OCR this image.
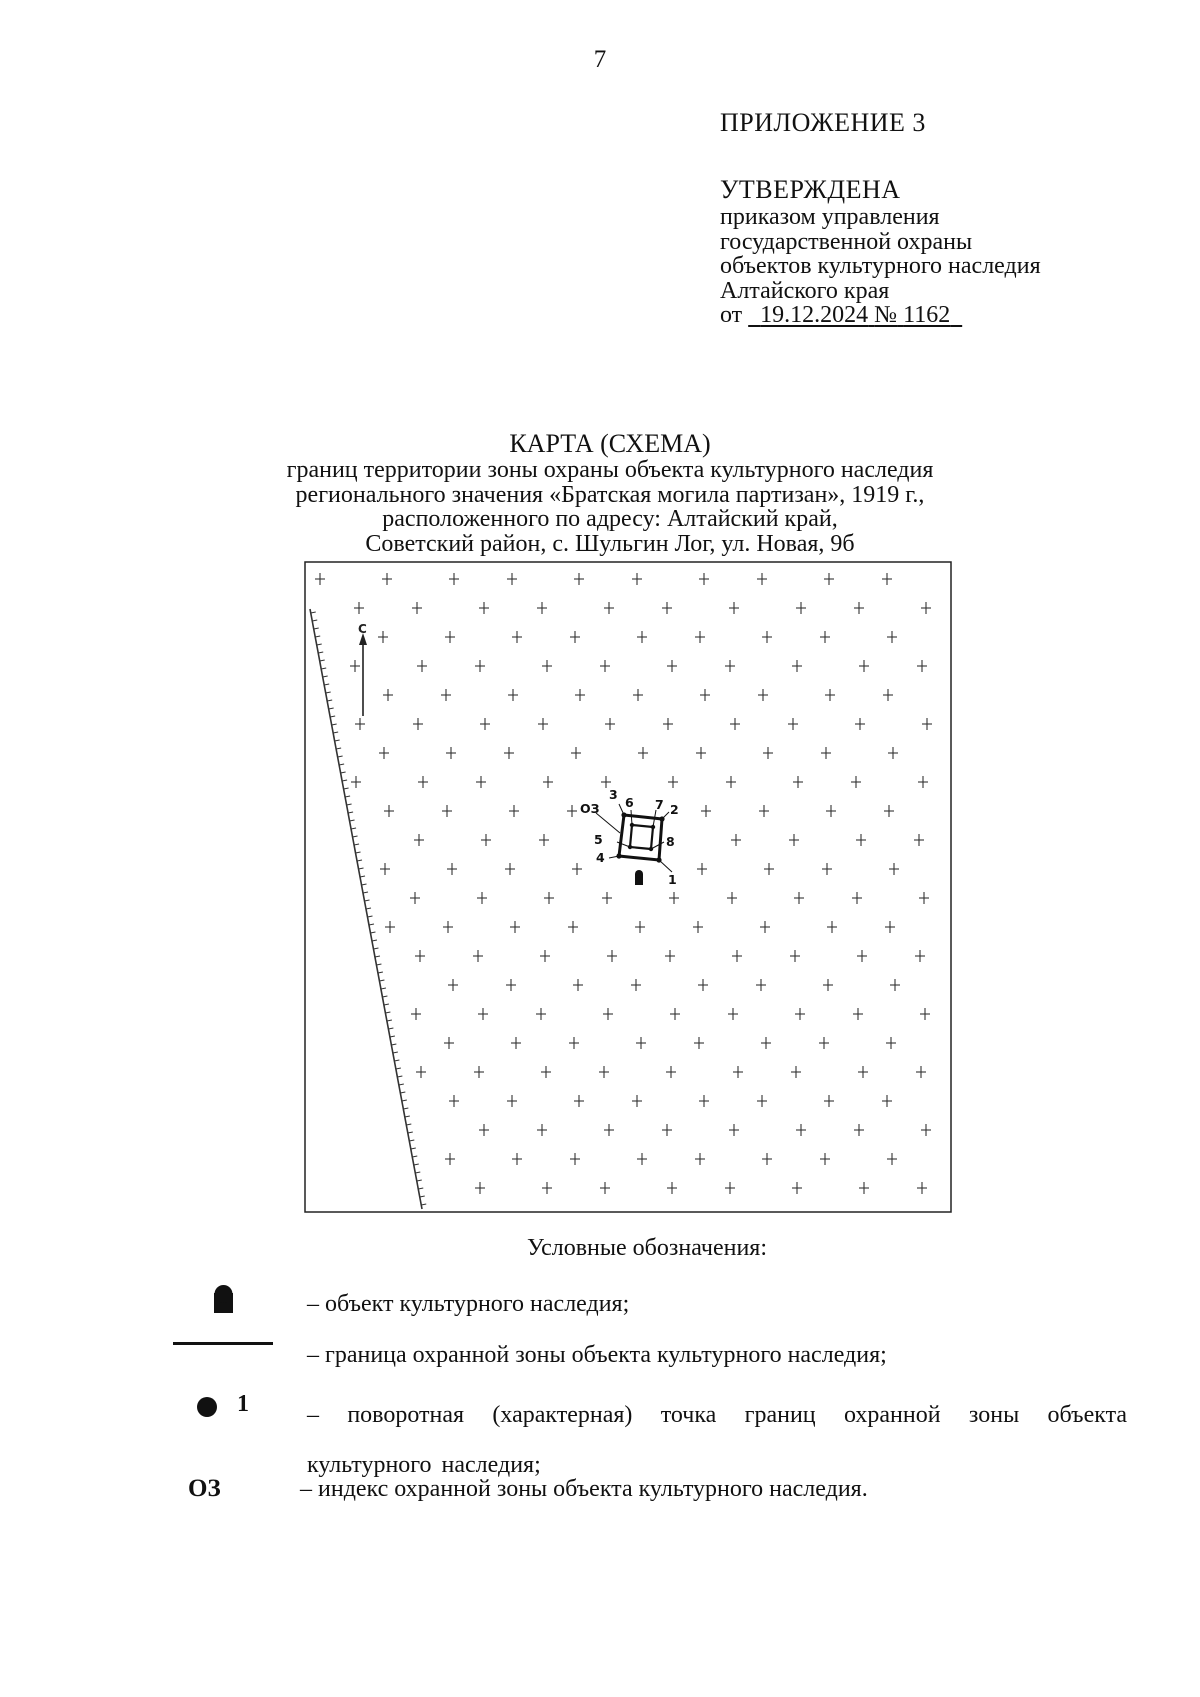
7
ПРИЛОЖЕНИЕ 3
УТВЕРЖДЕНА
приказом управления
государственной охраны
объектов культурного наследия
Алтайского края
от 19.12.2024 № 1162
КАРТА (СХЕМА)
границ территории зоны охраны объекта культурного наследия
регионального значения «Братская могила партизан», 1919 г.,
расположенного по адресу: Алтайский край,
Советский район, с. Шульгин Лог, ул. Новая, 9б
С
1
2
3
4
5
6 7
8
ОЗ
Условные обозначения:
– объект культурного наследия;
– граница охранной зоны объекта культурного наследия;
1 – поворотная (характерная) точка границ охранной зоны объекта культурного наследия;
ОЗ	– индекс охранной зоны объекта культурного наследия.
